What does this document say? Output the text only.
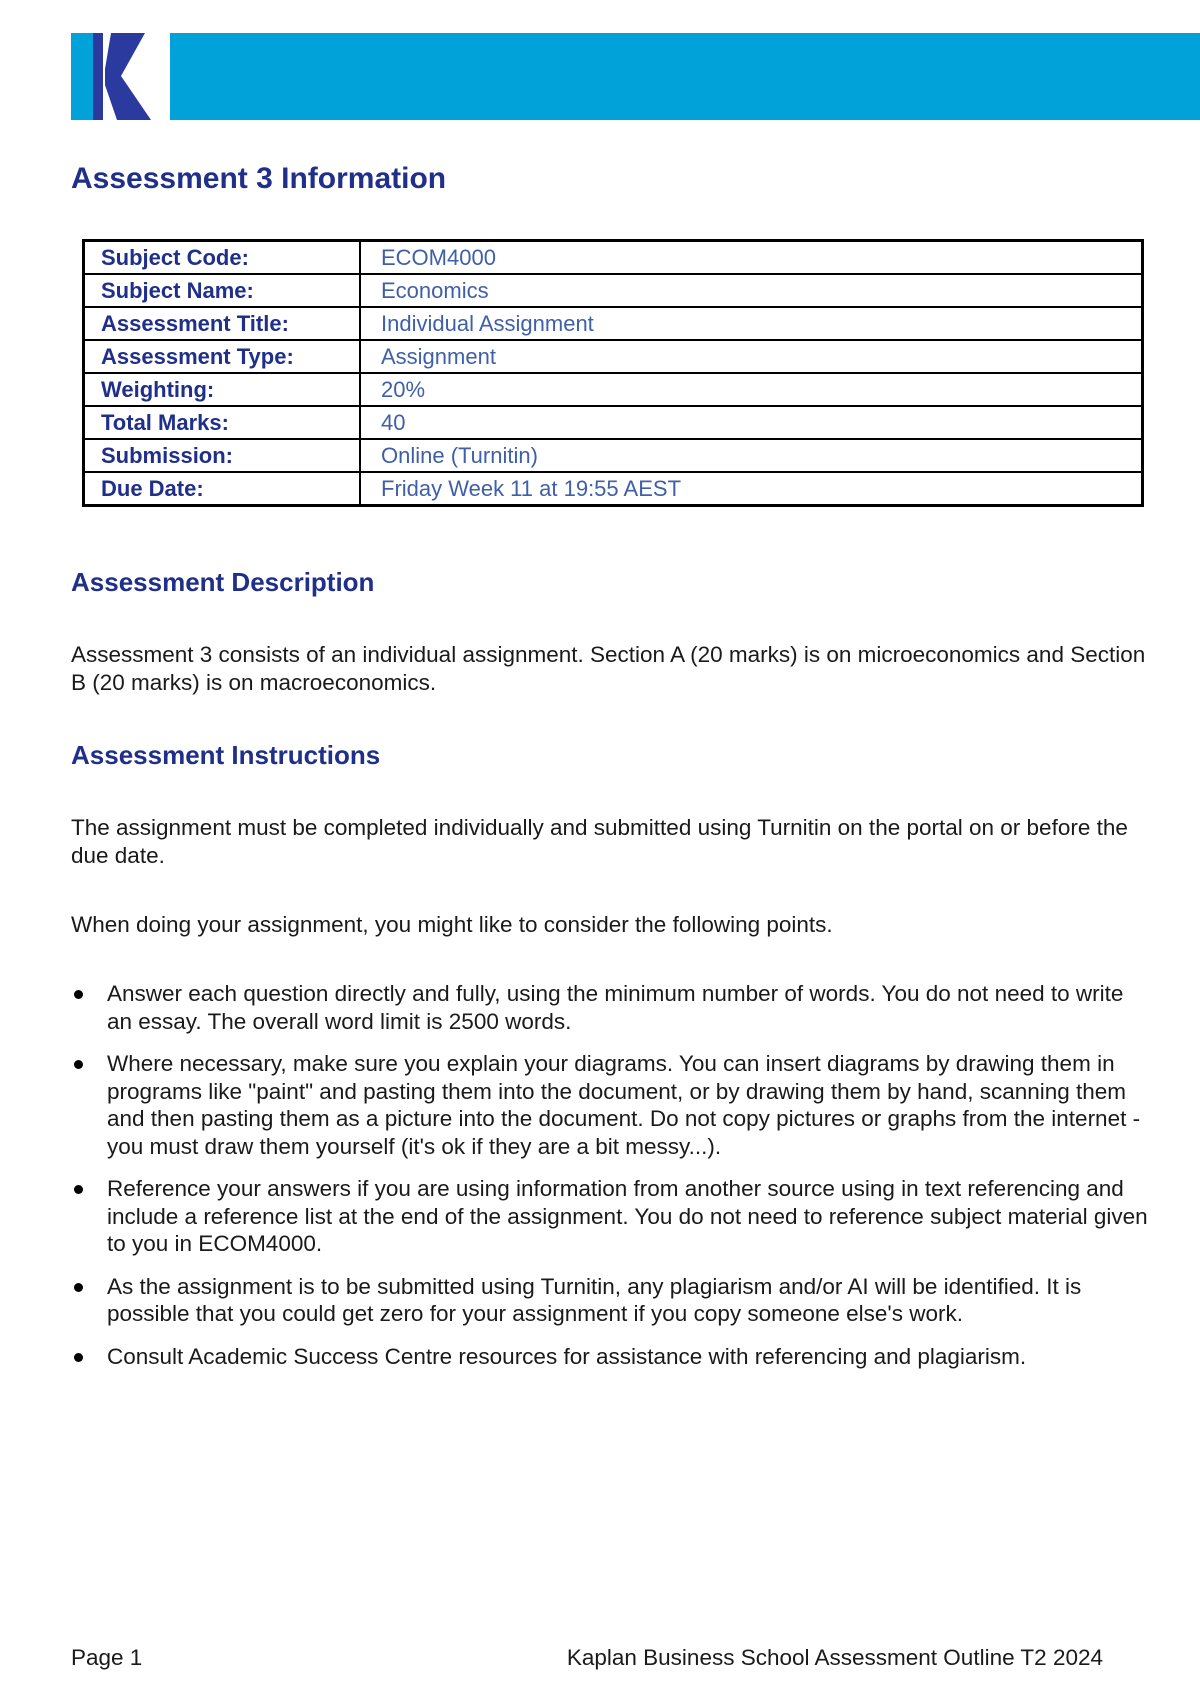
Assessment 3 Information
Subject Code:	ECOM4000
Subject Name:	Economics
Assessment Title:	Individual Assignment
Assessment Type:	Assignment
Weighting:	20%
Total Marks:	40
Submission:	Online (Turnitin)
Due Date:	Friday Week 11 at 19:55 AEST
Assessment Description

Assessment 3 consists of an individual assignment. Section A (20 marks) is on microeconomics and Section B (20 marks) is on macroeconomics.

Assessment Instructions

The assignment must be completed individually and submitted using Turnitin on the portal on or before the due date.

When doing your assignment, you might like to consider the following points.

Answer each question directly and fully, using the minimum number of words. You do not need to write an essay. The overall word limit is 2500 words.
Where necessary, make sure you explain your diagrams. You can insert diagrams by drawing them in programs like "paint" and pasting them into the document, or by drawing them by hand, scanning them and then pasting them as a picture into the document. Do not copy pictures or graphs from the internet - you must draw them yourself (it's ok if they are a bit messy...).
Reference your answers if you are using information from another source using in text referencing and include a reference list at the end of the assignment. You do not need to reference subject material given to you in ECOM4000.
As the assignment is to be submitted using Turnitin, any plagiarism and/or AI will be identified. It is possible that you could get zero for your assignment if you copy someone else's work.
Consult Academic Success Centre resources for assistance with referencing and plagiarism.
Page 1	Kaplan Business School Assessment Outline T2 2024
